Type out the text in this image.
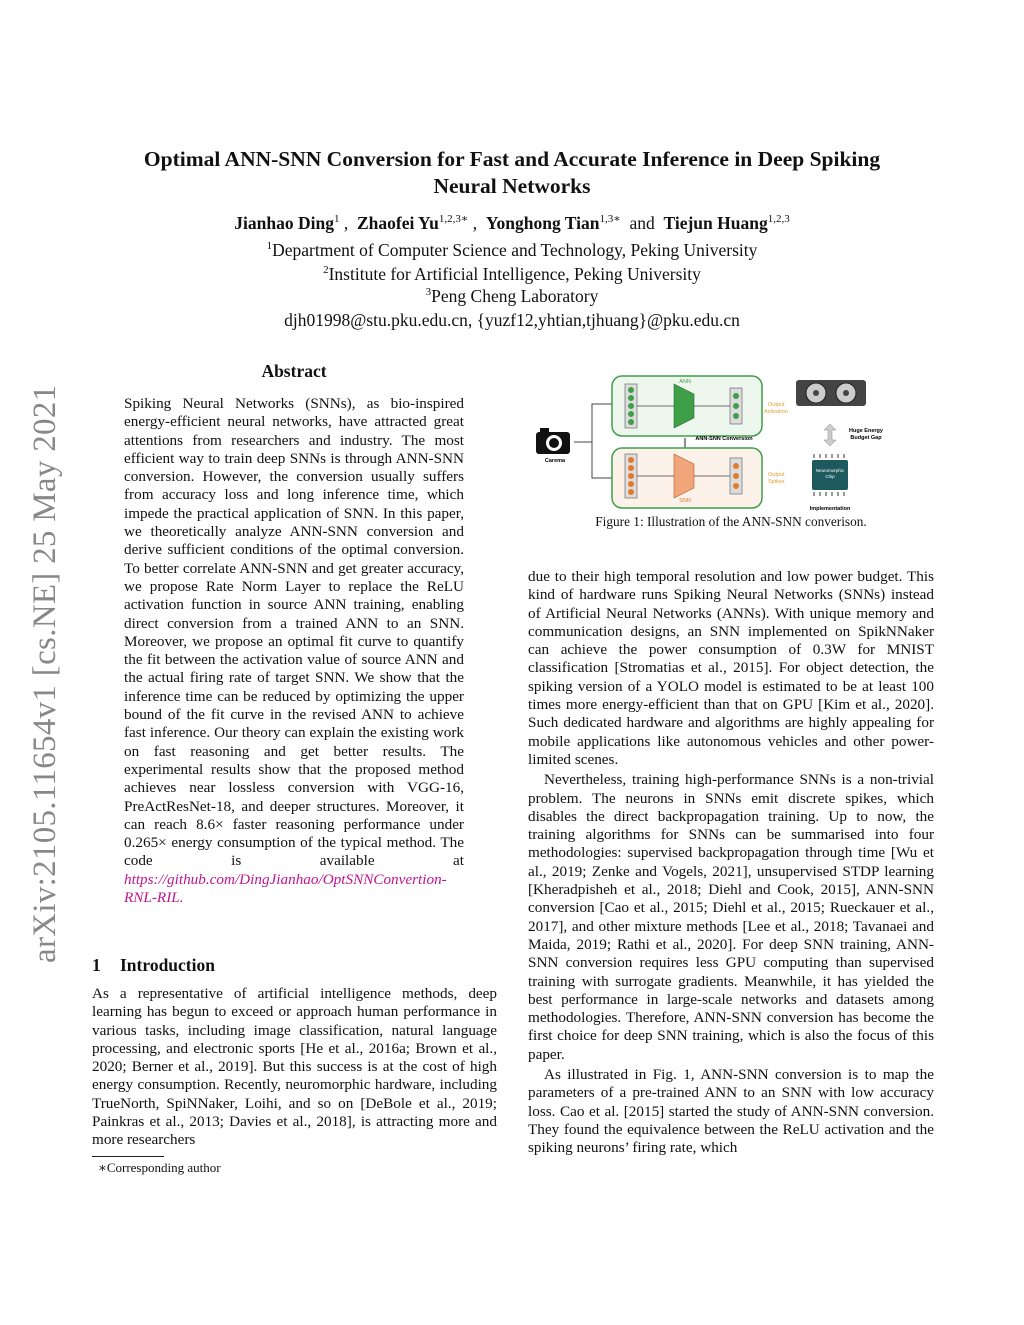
arXiv:2105.11654v1 [cs.NE] 25 May 2021
Optimal ANN-SNN Conversion for Fast and Accurate Inference in Deep Spiking
Neural Networks
Jianhao Ding$^1$ , Zhaofei $Yu^{1,2,3∗}$ , Yonghong Tian$^{1,3∗}$ and Tiejun Huang$^{1,2,3}$
$^1$Department of Computer Science and Technology, Peking University
$^2$Institute for Artificial Intelligence, Peking University
$^3$Peng Cheng Laboratory
djh01998@stu.pku.edu.cn, {yuzf12,yhtian,tjhuang}@pku.edu.cn
Abstract

Spiking Neural Networks (SNNs), as bio-inspired energy-efficient neural networks, have attracted great attentions from researchers and industry. The most efficient way to train deep SNNs is through ANN-SNN conversion. However, the conversion usually suffers from accuracy loss and long inference time, which impede the practical application of SNN. In this paper, we theoretically analyze ANN-SNN conversion and derive sufficient conditions of the optimal conversion. To better correlate ANN-SNN and get greater accuracy, we propose Rate Norm Layer to replace the ReLU activation function in source ANN training, enabling direct conversion from a trained ANN to an SNN. Moreover, we propose an optimal fit curve to quantify the fit between the activation value of source ANN and the actual firing rate of target SNN. We show that the inference time can be reduced by optimizing the upper bound of the fit curve in the revised ANN to achieve fast inference. Our theory can explain the existing work on fast reasoning and get better results. The experimental results show that the proposed method achieves near lossless conversion with VGG-16, PreActResNet-18, and deeper structures. Moreover, it can reach 8.6× faster reasoning performance under 0.265× energy consumption of the typical method. The code is available at https://github.com/DingJianhao/OptSNNConvertion-RNL-RIL.

1 Introduction

As a representative of artificial intelligence methods, deep learning has begun to exceed or approach human performance in various tasks, including image classification, natural language processing, and electronic sports [He et al., 2016a; Brown et al., 2020; Berner et al., 2019]. But this success is at the cost of high energy consumption. Recently, neuromorphic hardware, including TrueNorth, SpiNNaker, Loihi, and so on [DeBole et al., 2019; Painkras et al., 2013; Davies et al., 2018], is attracting more and more researchers

∗Corresponding author
Carema
ANN
Output Activation
ANN-SNN Conversion
SNN
Output Spikes
GPU
Huge Energy Budget Gap
Neuromorphic Chip
Implementation
Figure 1: Illustration of the ANN-SNN converison.

due to their high temporal resolution and low power budget. This kind of hardware runs Spiking Neural Networks (SNNs) instead of Artificial Neural Networks (ANNs). With unique memory and communication designs, an SNN implemented on SpikNNaker can achieve the power consumption of 0.3W for MNIST classification [Stromatias et al., 2015]. For object detection, the spiking version of a YOLO model is estimated to be at least 100 times more energy-efficient than that on GPU [Kim et al., 2020]. Such dedicated hardware and algorithms are highly appealing for mobile applications like autonomous vehicles and other power-limited scenes.

Nevertheless, training high-performance SNNs is a non-trivial problem. The neurons in SNNs emit discrete spikes, which disables the direct backpropagation training. Up to now, the training algorithms for SNNs can be summarised into four methodologies: supervised backpropagation through time [Wu et al., 2019; Zenke and Vogels, 2021], unsupervised STDP learning [Kheradpisheh et al., 2018; Diehl and Cook, 2015], ANN-SNN conversion [Cao et al., 2015; Diehl et al., 2015; Rueckauer et al., 2017], and other mixture methods [Lee et al., 2018; Tavanaei and Maida, 2019; Rathi et al., 2020]. For deep SNN training, ANN-SNN conversion requires less GPU computing than supervised training with surrogate gradients. Meanwhile, it has yielded the best performance in large-scale networks and datasets among methodologies. Therefore, ANN-SNN conversion has become the first choice for deep SNN training, which is also the focus of this paper.

As illustrated in Fig. 1, ANN-SNN conversion is to map the parameters of a pre-trained ANN to an SNN with low accuracy loss. Cao et al. [2015] started the study of ANN-SNN conversion. They found the equivalence between the ReLU activation and the spiking neurons’ firing rate, which
